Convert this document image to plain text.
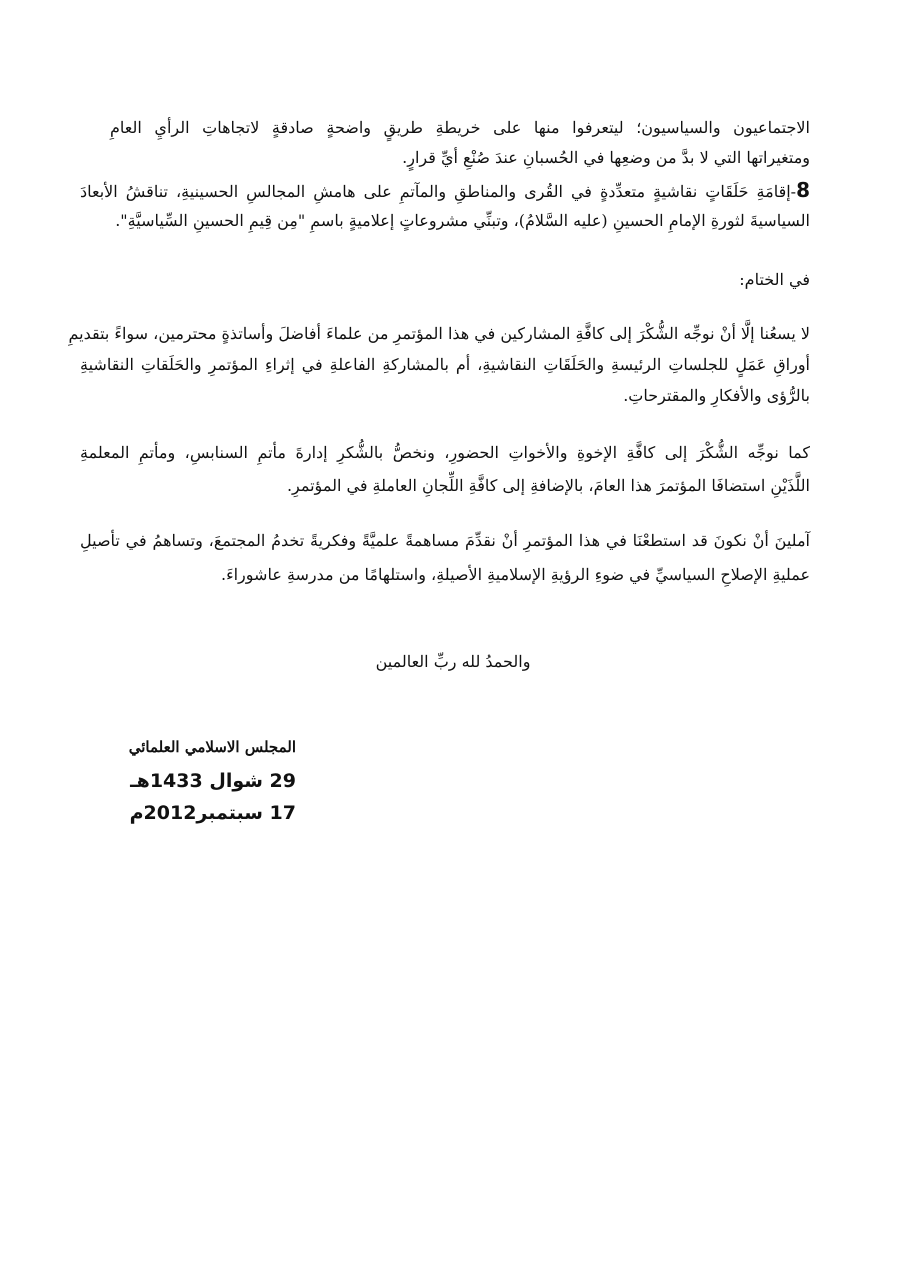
الاجتماعيون والسياسيون؛ ليتعرفوا منها على خريطةِ طريقٍ واضحةٍ صادقةٍ لاتجاهاتِ الرأيِ العامِ
ومتغيراتها التي لا بدَّ من وضعِها في الحُسبانِ عندَ صُنْعِ أيِّ قرارٍ.
8-إقامَةِ حَلَقَاتٍ نقاشيةٍ متعدِّدةٍ في القُرى والمناطقِ والمآتمِ على هامشِ المجالسِ الحسينيةِ، تناقشُ الأبعادَ
السياسيةَ لثورةِ الإمامِ الحسينِ (عليه السَّلامُ)، وتبنِّي مشروعاتٍ إعلاميةٍ باسمِ "مِن قِيمِ الحسينِ السِّياسيَّةِ".
في الختام:
لا يسعُنا إلَّا أنْ نوجِّه الشُّكْرَ إلى كافَّةِ المشاركين في هذا المؤتمرِ من علماءَ أفاضلَ وأساتذةٍ محترمين، سواءً بتقديمِ
أوراقِ عَمَلٍ للجلساتِ الرئيسةِ والحَلَقَاتِ النقاشيةِ، أم بالمشاركةِ الفاعلةِ في إثراءِ المؤتمرِ والحَلَقاتِ النقاشيةِ
بالرُّؤى والأفكارِ والمقترحاتِ.
كما نوجِّه الشُّكْرَ إلى كافَّةِ الإخوةِ والأخواتِ الحضورِ، ونخصُّ بالشُّكرِ إدارةَ مأتمِ السنابسِ، ومأتمِ المعلمةِ
اللَّذَيْنِ استضافَا المؤتمرَ هذا العامَ، بالإضافةِ إلى كافَّةِ اللِّجانِ العاملةِ في المؤتمرِ.
آملينَ أنْ نكونَ قد استطعْنَا في هذا المؤتمرِ أنْ نقدِّمَ مساهمةً علميَّةً وفكريةً تخدمُ المجتمعَ، وتساهمُ في تأصيلِ
عمليةِ الإصلاحِ السياسيِّ في ضوءِ الرؤيةِ الإسلاميةِ الأصيلةِ، واستلهامًا من مدرسةِ عاشوراءَ.
والحمدُ لله ربِّ العالمين
المجلس الاسلامي العلمائي
29 شوال 1433هـ
17 سبتمبر2012م
